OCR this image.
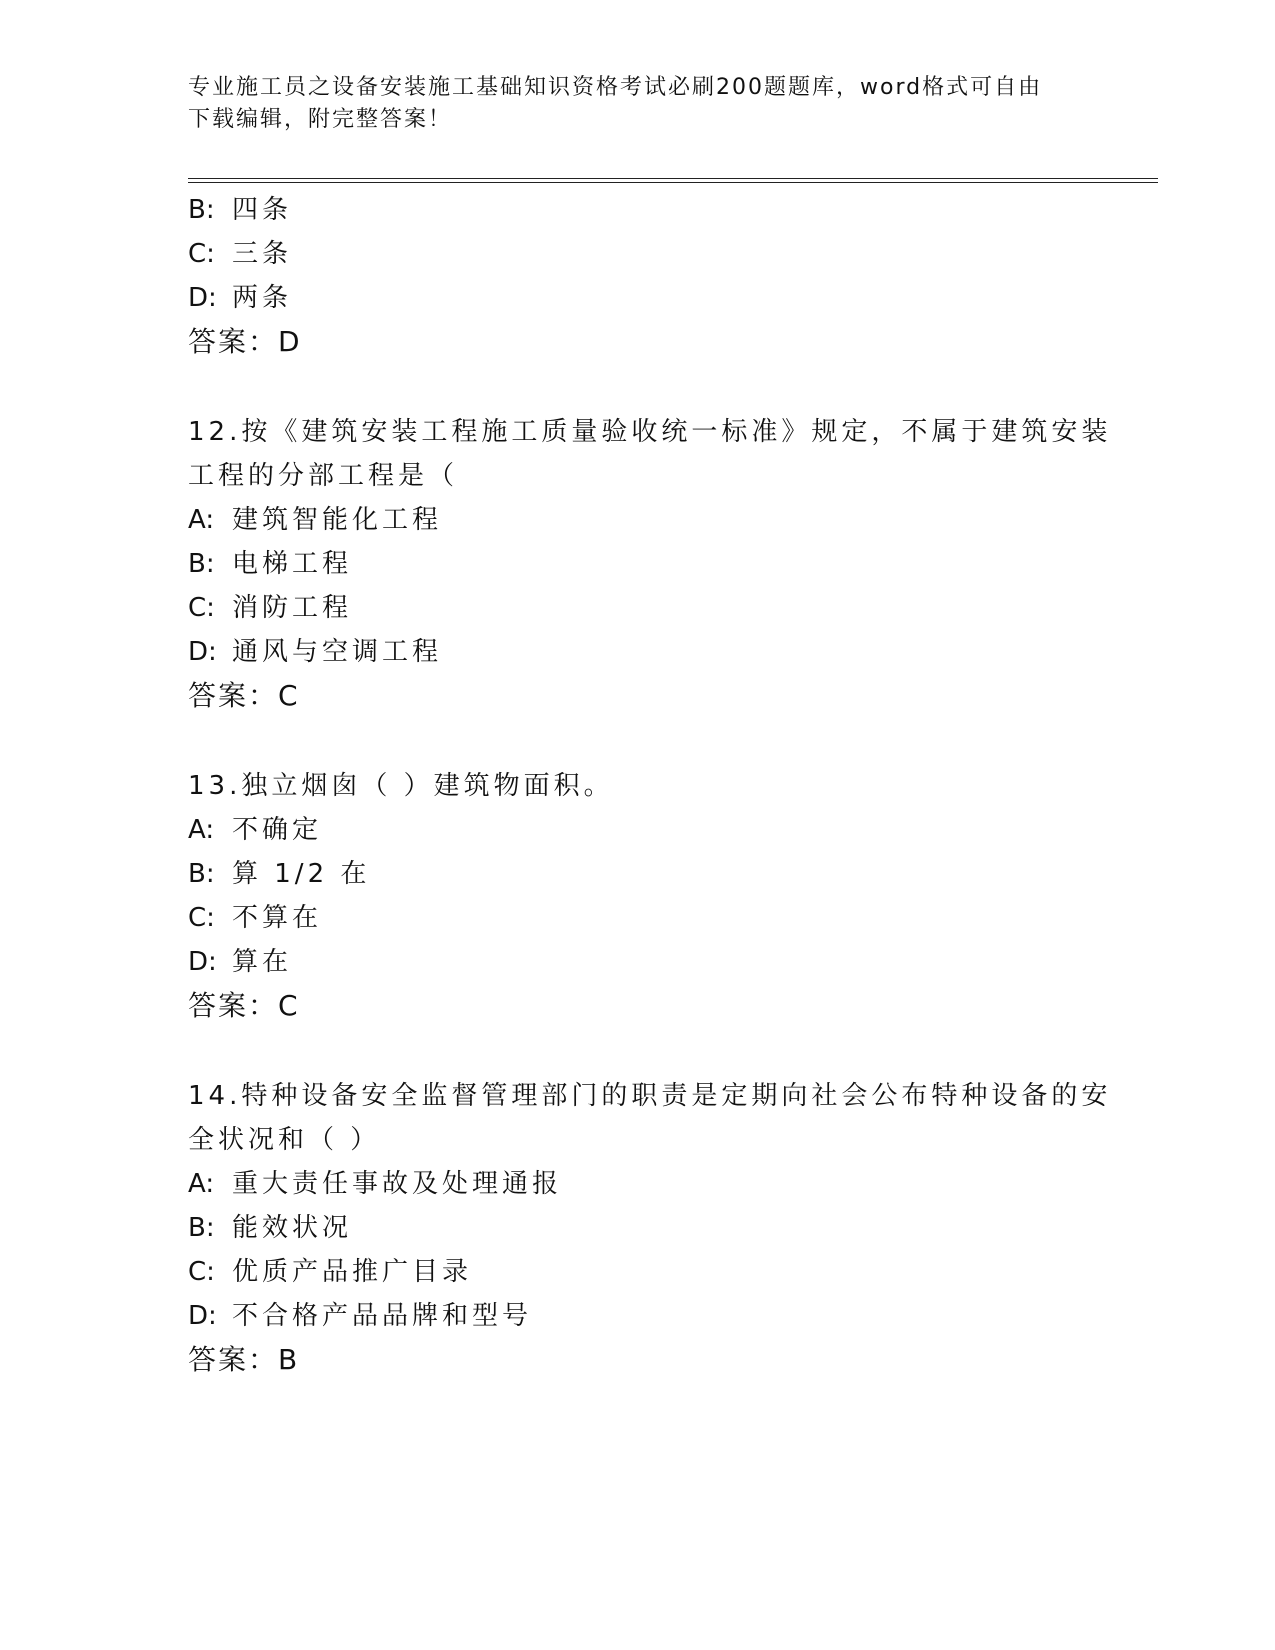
专业施工员之设备安装施工基础知识资格考试必刷200题题库，word格式可自由
下载编辑，附完整答案！
B: 四条
C: 三条
D: 两条
答案：D
12.按《建筑安装工程施工质量验收统一标准》规定，不属于建筑安装
工程的分部工程是（
A: 建筑智能化工程
B: 电梯工程
C: 消防工程
D: 通风与空调工程
答案：C
13.独立烟囱（ ）建筑物面积。
A: 不确定
B: 算 1/2 在
C: 不算在
D: 算在
答案：C
14.特种设备安全监督管理部门的职责是定期向社会公布特种设备的安
全状况和（ ）
A: 重大责任事故及处理通报
B: 能效状况
C: 优质产品推广目录
D: 不合格产品品牌和型号
答案：B
